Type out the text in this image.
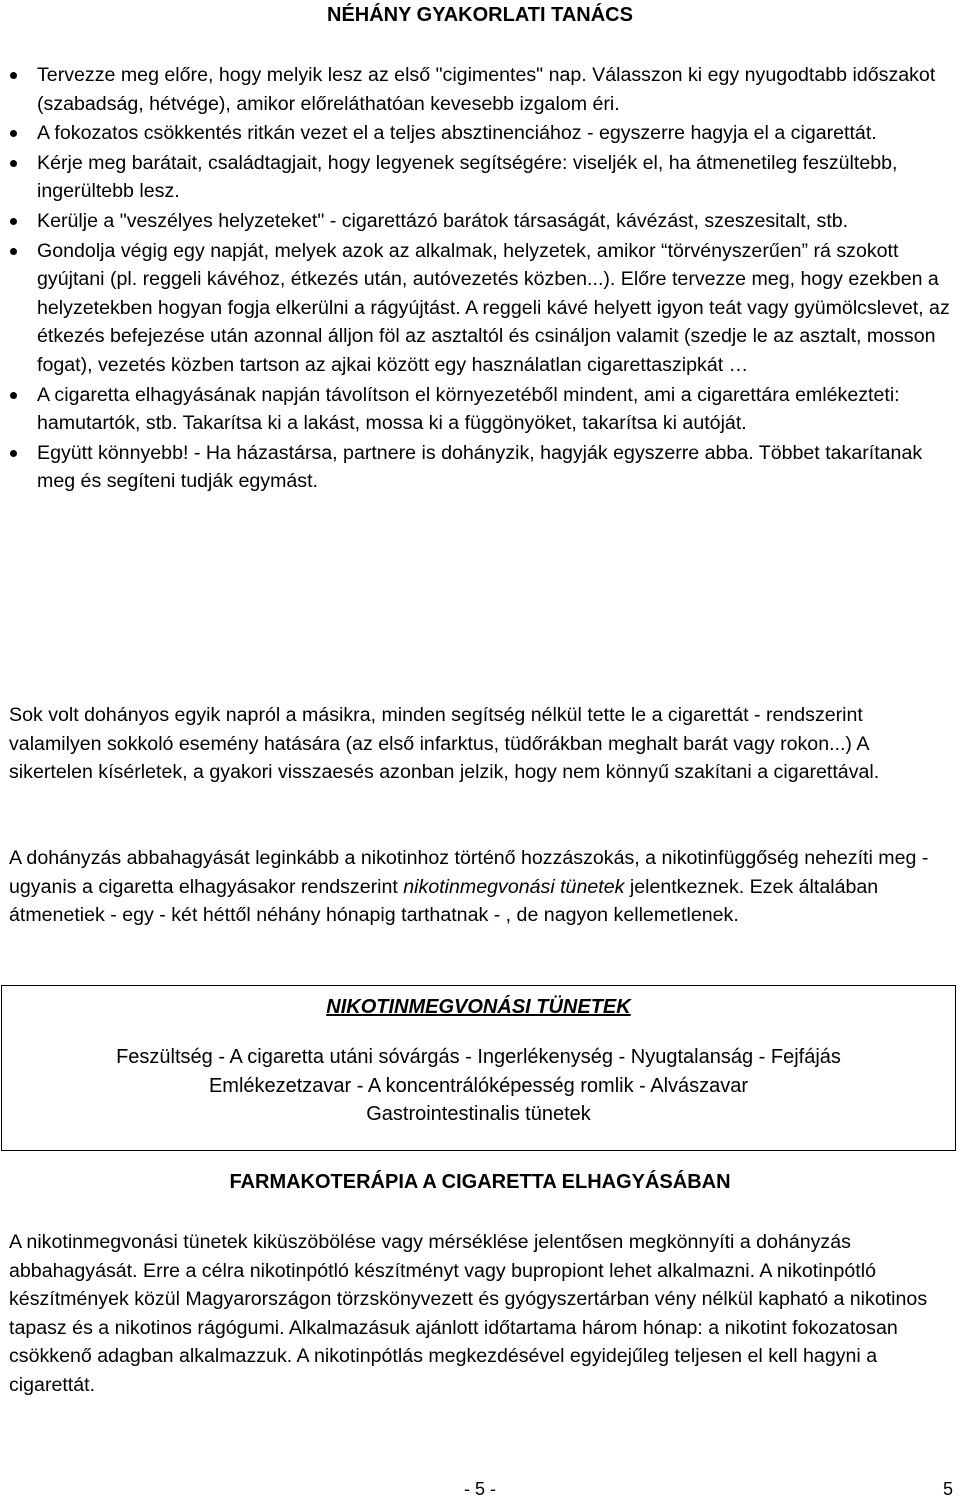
NÉHÁNY GYAKORLATI TANÁCS
Tervezze meg előre, hogy melyik lesz az első "cigimentes" nap. Válasszon ki egy nyugodtabb időszakot (szabadság, hétvége), amikor előreláthatóan kevesebb izgalom éri.
A fokozatos csökkentés ritkán vezet el a teljes absztinenciához - egyszerre hagyja el a cigarettát.
Kérje meg barátait, családtagjait, hogy legyenek segítségére: viseljék el, ha átmenetileg feszültebb, ingerültebb lesz.
Kerülje a "veszélyes helyzeteket" - cigarettázó barátok társaságát, kávézást, szeszesitalt, stb.
Gondolja végig egy napját, melyek azok az alkalmak, helyzetek, amikor “törvényszerűen” rá szokott gyújtani (pl. reggeli kávéhoz, étkezés után, autóvezetés közben...). Előre tervezze meg, hogy ezekben a helyzetekben hogyan fogja elkerülni a rágyújtást. A reggeli kávé helyett igyon teát vagy gyümölcslevet, az étkezés befejezése után azonnal álljon föl az asztaltól és csináljon valamit (szedje le az asztalt, mosson fogat), vezetés közben tartson az ajkai között egy használatlan cigarettaszipkát …
A cigaretta elhagyásának napján távolítson el környezetéből mindent, ami a cigarettára emlékezteti: hamutartók, stb. Takarítsa ki a lakást, mossa ki a függönyöket, takarítsa ki autóját.
Együtt könnyebb! - Ha házastársa, partnere is dohányzik, hagyják egyszerre abba. Többet takarítanak meg és segíteni tudják egymást.

Sok volt dohányos egyik napról a másikra, minden segítség nélkül tette le a cigarettát - rendszerint valamilyen sokkoló esemény hatására (az első infarktus, tüdőrákban meghalt barát vagy rokon...) A sikertelen kísérletek, a gyakori visszaesés azonban jelzik, hogy nem könnyű szakítani a cigarettával.

A dohányzás abbahagyását leginkább a nikotinhoz történő hozzászokás, a nikotinfüggőség nehezíti meg - ugyanis a cigaretta elhagyásakor rendszerint nikotinmegvonási tünetek jelentkeznek. Ezek általában átmenetiek - egy - két héttől néhány hónapig tarthatnak - , de nagyon kellemetlenek.

NIKOTINMEGVONÁSI TÜNETEK
Feszültség - A cigaretta utáni sóvárgás - Ingerlékenység - Nyugtalanság - Fejfájás
Emlékezetzavar - A koncentrálóképesség romlik - Alvászavar
Gastrointestinalis tünetek
FARMAKOTERÁPIA A CIGARETTA ELHAGYÁSÁBAN

A nikotinmegvonási tünetek kiküszöbölése vagy mérséklése jelentősen megkönnyíti a dohányzás abbahagyását. Erre a célra nikotinpótló készítményt vagy bupropiont lehet alkalmazni. A nikotinpótló készítmények közül Magyarországon törzskönyvezett és gyógyszertárban vény nélkül kapható a nikotinos tapasz és a nikotinos rágógumi. Alkalmazásuk ajánlott időtartama három hónap: a nikotint fokozatosan csökkenő adagban alkalmazzuk. A nikotinpótlás megkezdésével egyidejűleg teljesen el kell hagyni a cigarettát.

- 5 -	5
